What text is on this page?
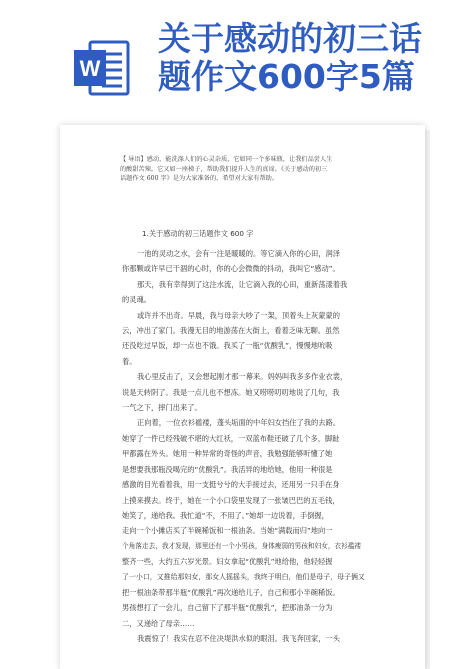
W
关于感动的初三话
题作文600字5篇
【 导语】感动，能洗涤人们的心灵杂质，它如同一个多味瓶，让我们品尝人生
的酸甜苦辣。它又如一座梯子，帮助我们提升人生的真谛。《关于感动的初三
话题作文 600 字》是为大家准备的，希望对大家有帮助。
1.关于感动的初三话题作文 600 字
一池的灵动之水，会有一注是暖暖的。等它滴入你的心田，润泽
你那颗或许早已干涸的心时，你的心会微微的抖动，我叫它“感动”。
那天，我有幸得到了这注水流，让它滴入我的心田，重新荡漾着我
的灵魂。
或许并不出奇。早晨，我与母亲大吵了一架，顶着头上灰蒙蒙的
云，冲出了家门。我漫无目的地游荡在大街上，看着乏味无聊。虽然
还没吃过早饭，却一点也不饿。我买了一瓶“优酸乳”，慢慢地吮吸
着。
我心里反击了，又会想起刚才那一幕来。妈妈叫我多多作业衣裳，
说是天转阴了。我是一点儿也不想冻。她又唠唠叨叨地说了几句，我
一气之下，摔门出来了。
正向着，一位衣衫褴褛，蓬头垢面的中年妇女挡住了我的去路。
她穿了一件已经残破不堪的大红袄，一双蓝布鞋还破了几个多，脚趾
甲都露在外头。她用一种异常的奇怪的声音，我勉强能够听懂了她
是想要我那瓶没喝完的“优酸乳”。我活异的地给她，他用一种很是
感激的目光看着我，用一支挺兮兮的大手接过去，还用另一只手在身
上摸来摸去。终于，她在一个小口袋里发现了一张皱巴巴的五毛钱，
她笑了，递给我。我忙道“不，不用了。”她却一边说着，手倒握，
走向一个小摊店买了半碗稀饭和一根油条。当她“满载而归”地向一
个角落走去，我才发现，那里还有一个小男孩，身体瘦弱的男孩和妇女，衣衫褴褛
整齐一些，大约五六岁光景。妇女拿起“优酸乳”地给他，他轻轻握
了一小口，又推给那妇女，那女人摇摇头，我终于明白，他们是母子，母子俩又
把一根油条带那半瓶“优酸乳”再次递给儿子，自己和那小半碗稀饭。
男孩想打了一会儿，自己留下了那半瓶“优酸乳”，把那油条一分为
二，又递给了母亲……
我震惊了！我实在忍不住决堤洪水似的眼泪。我飞奔回家，一头
